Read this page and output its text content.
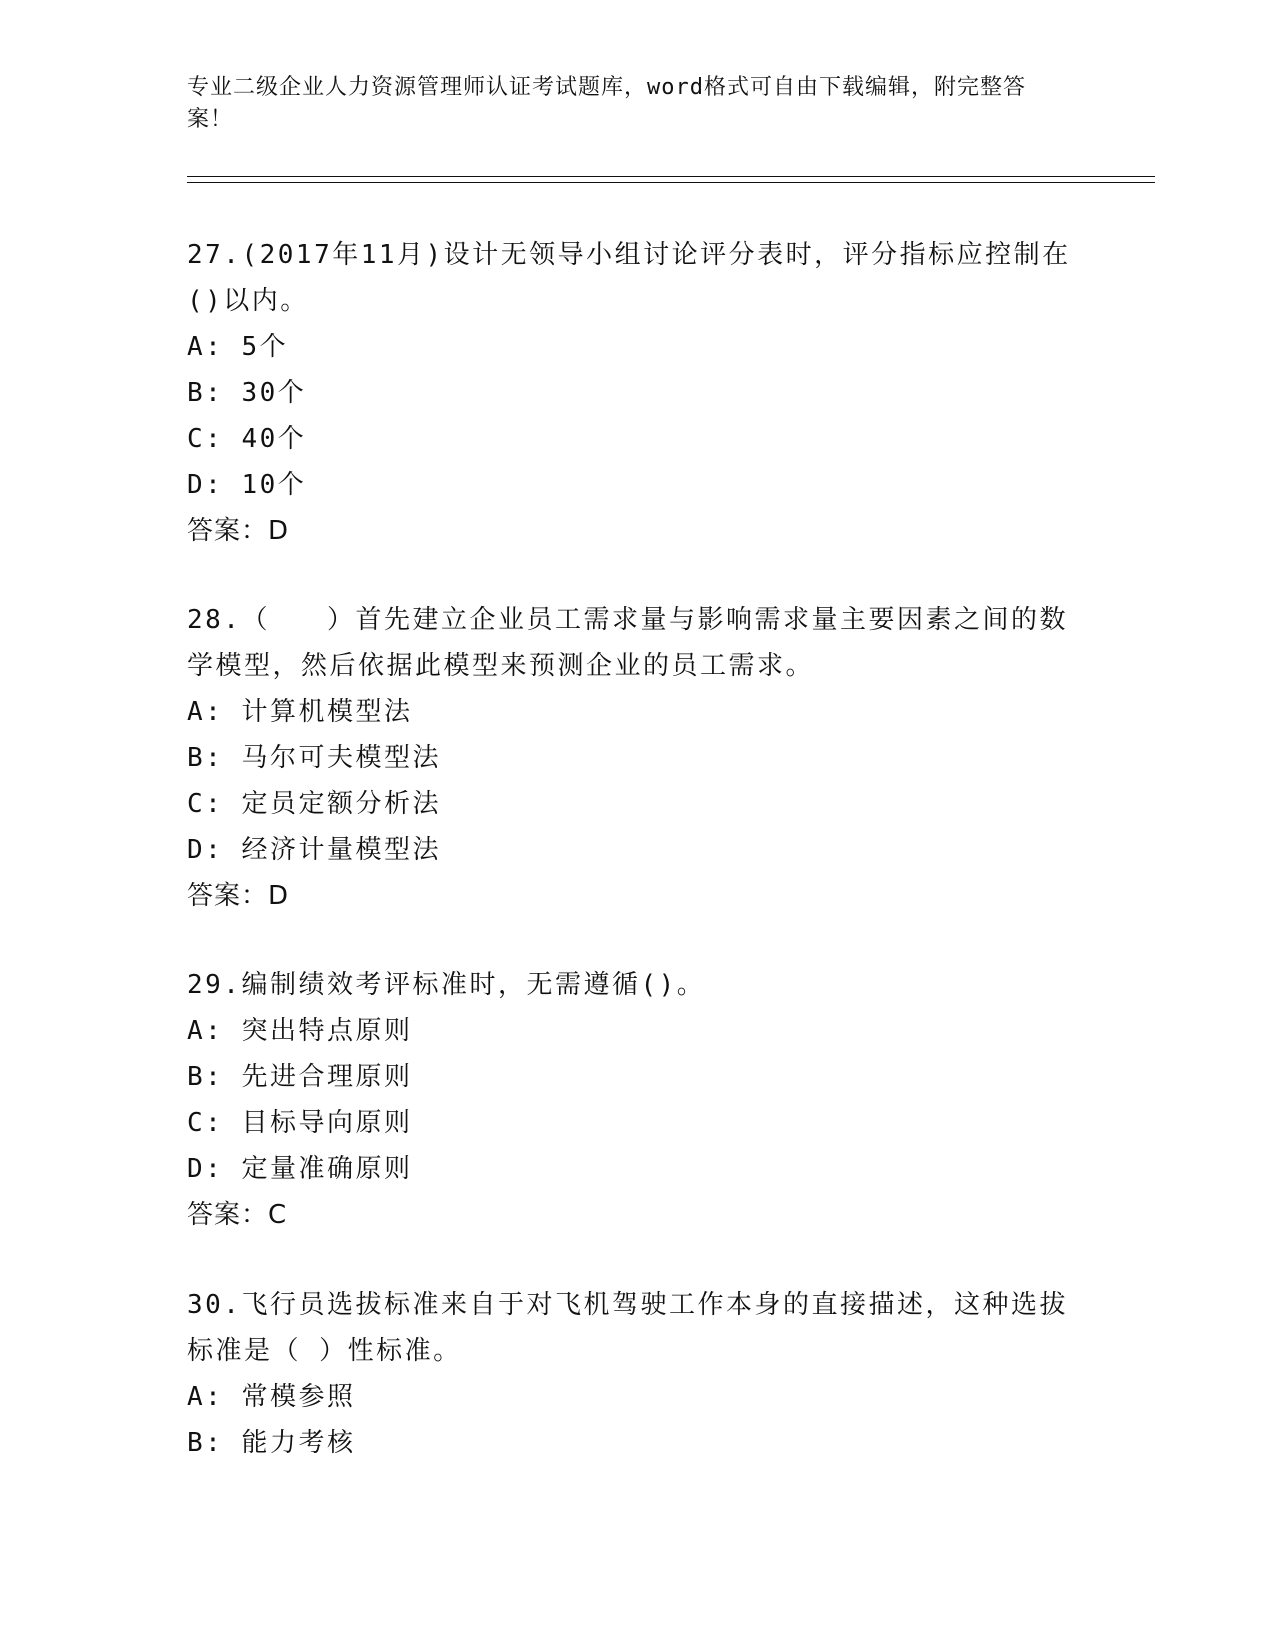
专业二级企业人力资源管理师认证考试题库，word格式可自由下载编辑，附完整答案！

27.(2017年11月)设计无领导小组讨论评分表时，评分指标应控制在()以内。

A: 5个

B: 30个

C: 40个

D: 10个

答案：D

28.（　　）首先建立企业员工需求量与影响需求量主要因素之间的数学模型，然后依据此模型来预测企业的员工需求。

A: 计算机模型法

B: 马尔可夫模型法

C: 定员定额分析法

D: 经济计量模型法

答案：D

29.编制绩效考评标准时，无需遵循()。

A: 突出特点原则

B: 先进合理原则

C: 目标导向原则

D: 定量准确原则

答案：C

30.飞行员选拔标准来自于对飞机驾驶工作本身的直接描述，这种选拔标准是（ ）性标准。

A: 常模参照

B: 能力考核
